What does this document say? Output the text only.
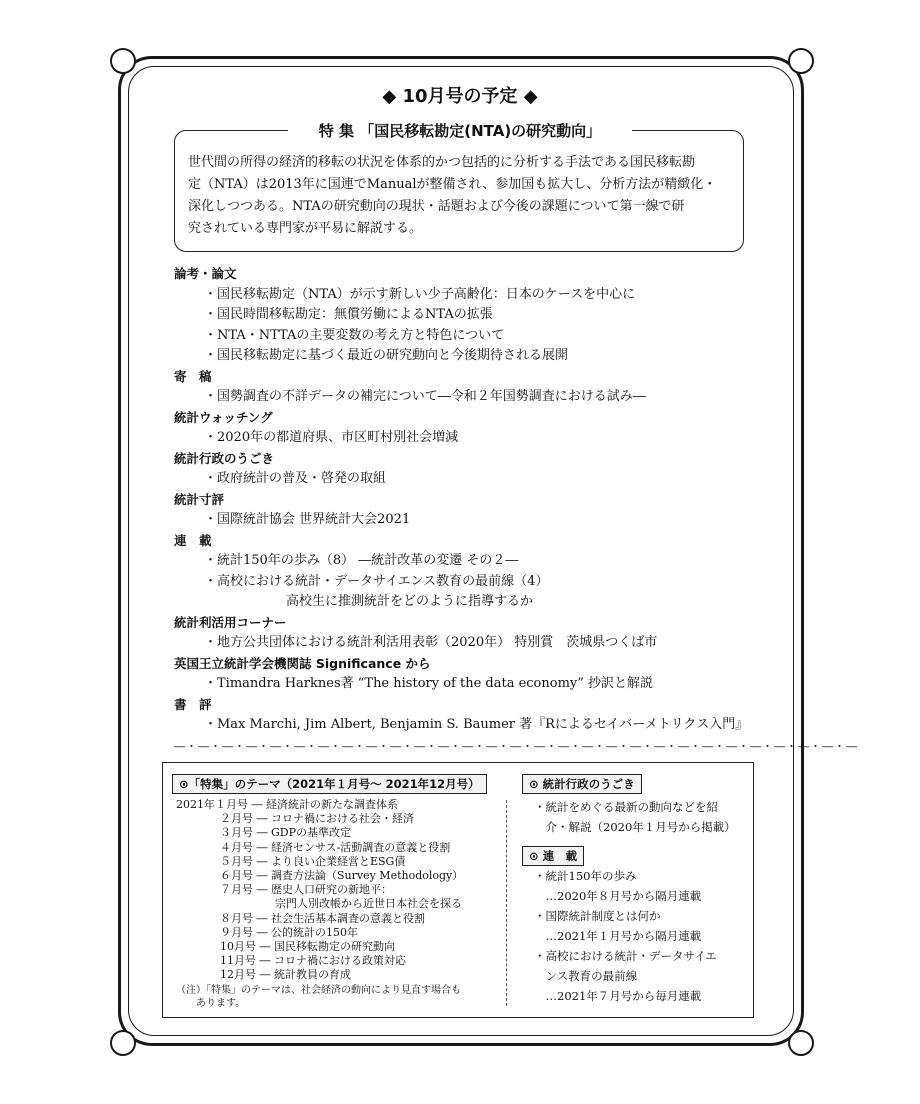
◆ 10月号の予定 ◆
特 集 「国民移転勘定(NTA)の研究動向」
世代間の所得の経済的移転の状況を体系的かつ包括的に分析する手法である国民移転勘
定（NTA）は2013年に国連でManualが整備され、参加国も拡大し、分析方法が精緻化・
深化しつつある。NTAの研究動向の現状・話題および今後の課題について第一線で研
究されている専門家が平易に解説する。
論考・論文
・国民移転勘定（NTA）が示す新しい少子高齢化：日本のケースを中心に
・国民時間移転勘定：無償労働によるNTAの拡張
・NTA・NTTAの主要変数の考え方と特色について
・国民移転勘定に基づく最近の研究動向と今後期待される展開
寄　稿
・国勢調査の不詳データの補完について―令和２年国勢調査における試み―
統計ウォッチング
・2020年の都道府県、市区町村別社会増減
統計行政のうごき
・政府統計の普及・啓発の取組
統計寸評
・国際統計協会 世界統計大会2021
連　載
・統計150年の歩み（8） ―統計改革の変遷 その２―
・高校における統計・データサイエンス教育の最前線（4）
高校生に推測統計をどのように指導するか
統計利活用コーナー
・地方公共団体における統計利活用表彰（2020年） 特別賞　茨城県つくば市
英国王立統計学会機関誌 Significance から
・Timandra Harknes著 “The history of the data economy” 抄訳と解説
書　評
・Max Marchi, Jim Albert, Benjamin S. Baumer 著『Rによるセイバーメトリクス入門』
―・―・―・―・―・―・―・―・―・―・―・―・―・―・―・―・―・―・―・―・―・―・―・―・―・―・―・―・―
⊙「特集」のテーマ（2021年１月号～ 2021年12月号）
2021年１月号 ― 経済統計の新たな調査体系
　　　　２月号 ― コロナ禍における社会・経済
　　　　３月号 ― GDPの基準改定
　　　　４月号 ― 経済センサス‐活動調査の意義と役割
　　　　５月号 ― より良い企業経営とESG債
　　　　６月号 ― 調査方法論（Survey Methodology）
　　　　７月号 ― 歴史人口研究の新地平：
　　　　　　　　　宗門人別改帳から近世日本社会を探る
　　　　８月号 ― 社会生活基本調査の意義と役割
　　　　９月号 ― 公的統計の150年
　　　　10月号 ― 国民移転勘定の研究動向
　　　　11月号 ― コロナ禍における政策対応
　　　　12月号 ― 統計教員の育成
（注）「特集」のテーマは、社会経済の動向により見直す場合も
　　あります。
⊙ 統計行政のうごき
・統計をめぐる最新の動向などを紹
　介・解説（2020年１月号から掲載）
⊙ 連　載
・統計150年の歩み
　…2020年８月号から隔月連載
・国際統計制度とは何か
　…2021年１月号から隔月連載
・高校における統計・データサイエ
　ンス教育の最前線
　…2021年７月号から毎月連載
